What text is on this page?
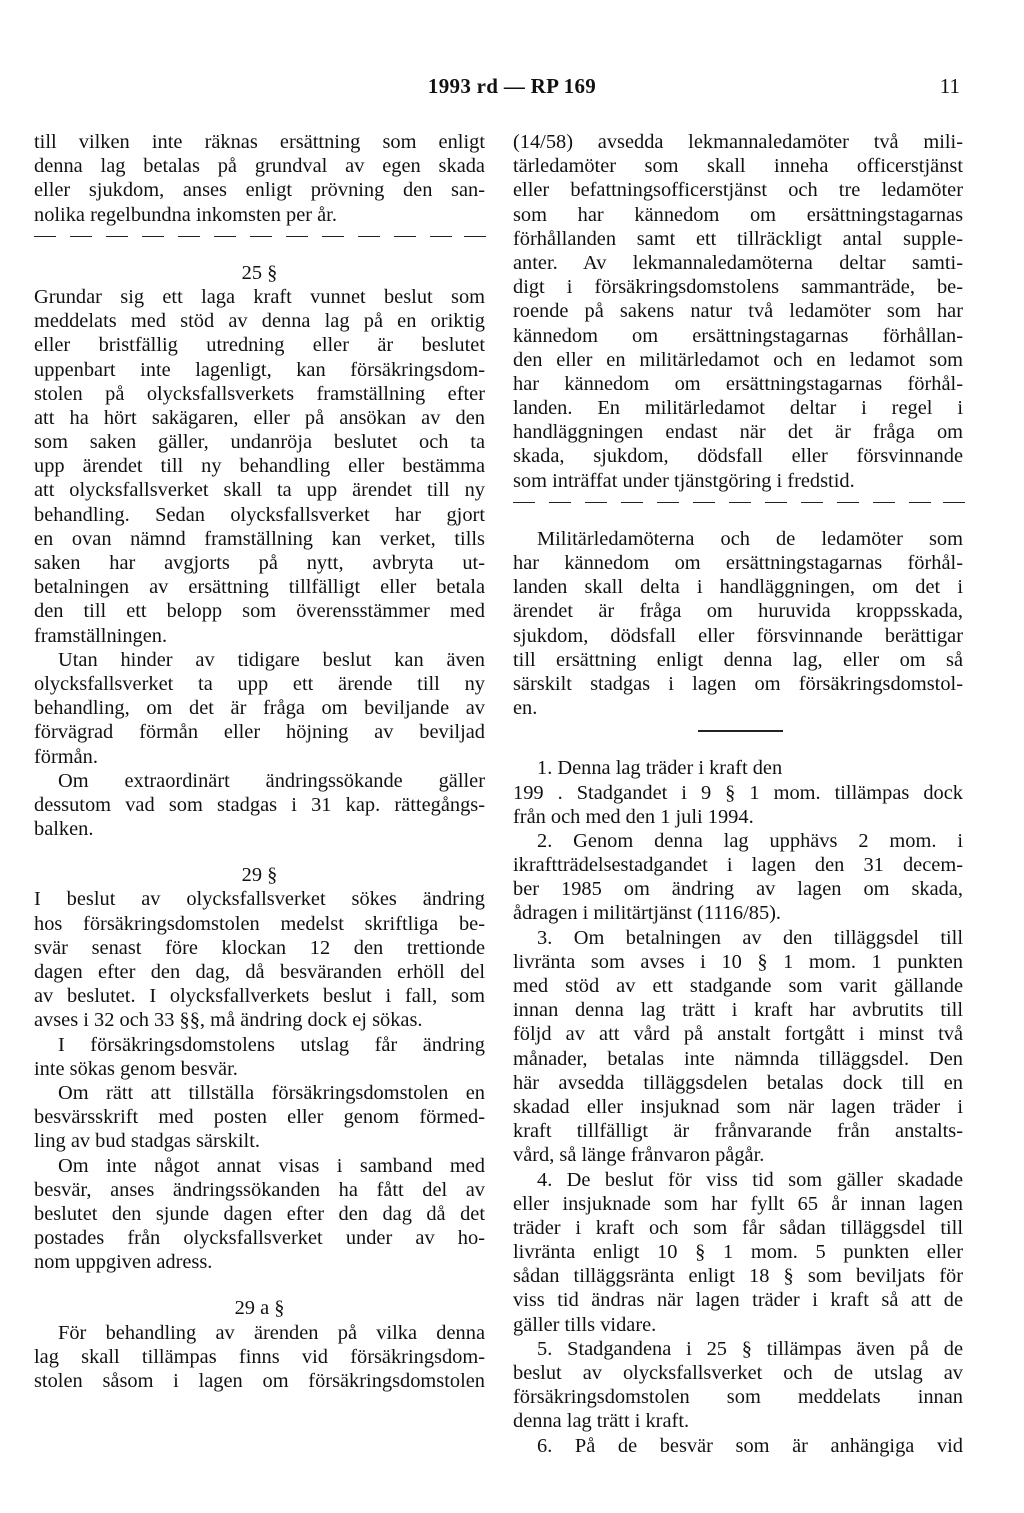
1993 rd — RP 169	11
till vilken inte räknas ersättning som enligt
denna lag betalas på grundval av egen skada
eller sjukdom, anses enligt prövning den san-
nolika regelbundna inkomsten per år.
25 §
Grundar sig ett laga kraft vunnet beslut som
meddelats med stöd av denna lag på en oriktig
eller bristfällig utredning eller är beslutet
uppenbart inte lagenligt, kan försäkringsdom-
stolen på olycksfallsverkets framställning efter
att ha hört sakägaren, eller på ansökan av den
som saken gäller, undanröja beslutet och ta
upp ärendet till ny behandling eller bestämma
att olycksfallsverket skall ta upp ärendet till ny
behandling. Sedan olycksfallsverket har gjort
en ovan nämnd framställning kan verket, tills
saken har avgjorts på nytt, avbryta ut-
betalningen av ersättning tillfälligt eller betala
den till ett belopp som överensstämmer med
framställningen.
Utan hinder av tidigare beslut kan även
olycksfallsverket ta upp ett ärende till ny
behandling, om det är fråga om beviljande av
förvägrad förmån eller höjning av beviljad
förmån.
Om extraordinärt ändringssökande gäller
dessutom vad som stadgas i 31 kap. rättegångs-
balken.
29 §
I beslut av olycksfallsverket sökes ändring
hos försäkringsdomstolen medelst skriftliga be-
svär senast före klockan 12 den trettionde
dagen efter den dag, då besväranden erhöll del
av beslutet. I olycksfallverkets beslut i fall, som
avses i 32 och 33 §§, må ändring dock ej sökas.
I försäkringsdomstolens utslag får ändring
inte sökas genom besvär.
Om rätt att tillställa försäkringsdomstolen en
besvärsskrift med posten eller genom förmed-
ling av bud stadgas särskilt.
Om inte något annat visas i samband med
besvär, anses ändringssökanden ha fått del av
beslutet den sjunde dagen efter den dag då det
postades från olycksfallsverket under av ho-
nom uppgiven adress.
29 a §
För behandling av ärenden på vilka denna
lag skall tillämpas finns vid försäkringsdom-
stolen såsom i lagen om försäkringsdomstolen
(14/58) avsedda lekmannaledamöter två mili-
tärledamöter som skall inneha officerstjänst
eller befattningsofficerstjänst och tre ledamöter
som har kännedom om ersättningstagarnas
förhållanden samt ett tillräckligt antal supple-
anter. Av lekmannaledamöterna deltar samti-
digt i försäkringsdomstolens sammanträde, be-
roende på sakens natur två ledamöter som har
kännedom om ersättningstagarnas förhållan-
den eller en militärledamot och en ledamot som
har kännedom om ersättningstagarnas förhål-
landen. En militärledamot deltar i regel i
handläggningen endast när det är fråga om
skada, sjukdom, dödsfall eller försvinnande
som inträffat under tjänstgöring i fredstid.
Militärledamöterna och de ledamöter som
har kännedom om ersättningstagarnas förhål-
landen skall delta i handläggningen, om det i
ärendet är fråga om huruvida kroppsskada,
sjukdom, dödsfall eller försvinnande berättigar
till ersättning enligt denna lag, eller om så
särskilt stadgas i lagen om försäkringsdomstol-
en.
1. Denna lag träder i kraft den
199 . Stadgandet i 9 § 1 mom. tillämpas dock
från och med den 1 juli 1994.
2. Genom denna lag upphävs 2 mom. i
ikraftträdelsestadgandet i lagen den 31 decem-
ber 1985 om ändring av lagen om skada,
ådragen i militärtjänst (1116/85).
3. Om betalningen av den tilläggsdel till
livränta som avses i 10 § 1 mom. 1 punkten
med stöd av ett stadgande som varit gällande
innan denna lag trätt i kraft har avbrutits till
följd av att vård på anstalt fortgått i minst två
månader, betalas inte nämnda tilläggsdel. Den
här avsedda tilläggsdelen betalas dock till en
skadad eller insjuknad som när lagen träder i
kraft tillfälligt är frånvarande från anstalts-
vård, så länge frånvaron pågår.
4. De beslut för viss tid som gäller skadade
eller insjuknade som har fyllt 65 år innan lagen
träder i kraft och som får sådan tilläggsdel till
livränta enligt 10 § 1 mom. 5 punkten eller
sådan tilläggsränta enligt 18 § som beviljats för
viss tid ändras när lagen träder i kraft så att de
gäller tills vidare.
5. Stadgandena i 25 § tillämpas även på de
beslut av olycksfallsverket och de utslag av
försäkringsdomstolen som meddelats innan
denna lag trätt i kraft.
6. På de besvär som är anhängiga vid
